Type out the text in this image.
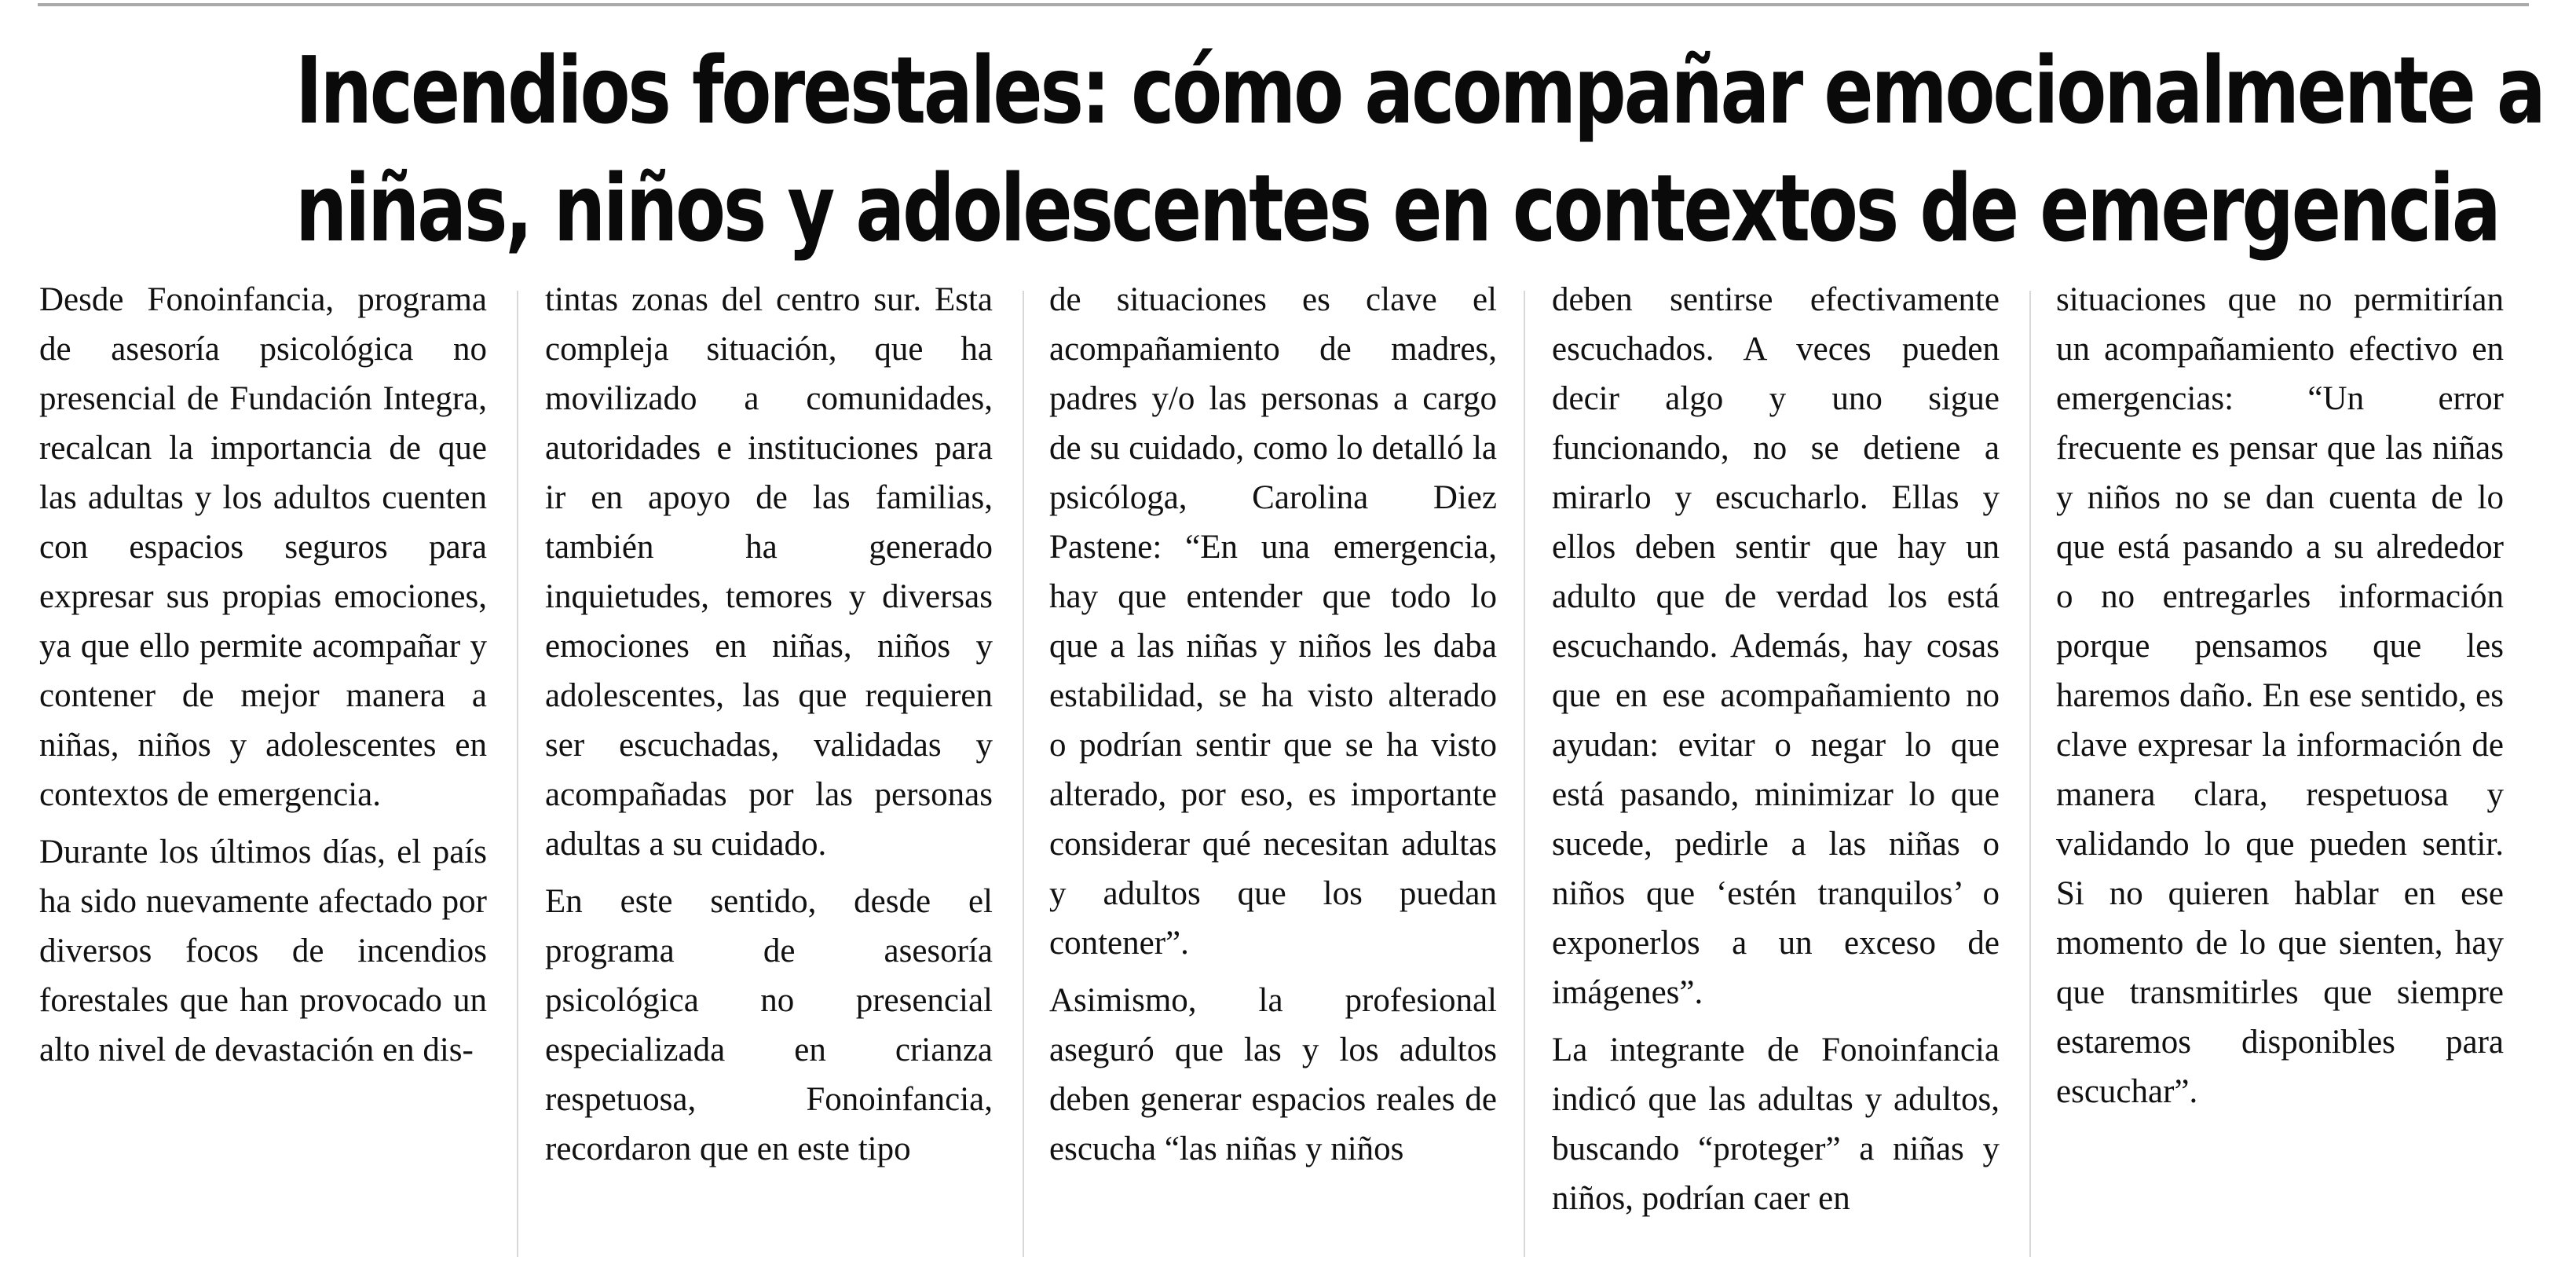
Incendios forestales: cómo acompañar emocionalmente a
niñas, niños y adolescentes en contextos de emergencia

Desde Fonoinfancia, programa de asesoría psicológica no presencial de Fundación Integra, recalcan la importancia de que las adultas y los adultos cuenten con espacios seguros para expresar sus propias emociones, ya que ello permite acompañar y contener de mejor manera a niñas, niños y adolescentes en contextos de emergencia.

Durante los últimos días, el país ha sido nuevamente afectado por diversos focos de incendios forestales que han provocado un alto nivel de devastación en dis-

tintas zonas del centro sur. Esta compleja situación, que ha movilizado a comunidades, autoridades e instituciones para ir en apoyo de las familias, también ha generado inquietudes, temores y diversas emociones en niñas, niños y adolescentes, las que requieren ser escuchadas, validadas y acompañadas por las personas adultas a su cuidado.

En este sentido, desde el programa de asesoría psicológica no presencial especializada en crianza respetuosa, Fonoinfancia, recordaron que en este tipo

de situaciones es clave el acompañamiento de madres, padres y/o las personas a cargo de su cuidado, como lo detalló la psicóloga, Carolina Diez Pastene: “En una emergencia, hay que entender que todo lo que a las niñas y niños les daba estabilidad, se ha visto alterado o podrían sentir que se ha visto alterado, por eso, es importante considerar qué necesitan adultas y adultos que los puedan contener”.

Asimismo, la profesional aseguró que las y los adultos deben generar espacios reales de escucha “las niñas y niños

deben sentirse efectivamente escuchados. A veces pueden decir algo y uno sigue funcionando, no se detiene a mirarlo y escucharlo. Ellas y ellos deben sentir que hay un adulto que de verdad los está escuchando. Además, hay cosas que en ese acompañamiento no ayudan: evitar o negar lo que está pasando, minimizar lo que sucede, pedirle a las niñas o niños que ‘estén tranquilos’ o exponerlos a un exceso de imágenes”.

La integrante de Fonoinfancia indicó que las adultas y adultos, buscando “proteger” a niñas y niños, podrían caer en

situaciones que no permitirían un acompañamiento efectivo en emergencias: “Un error frecuente es pensar que las niñas y niños no se dan cuenta de lo que está pasando a su alrededor o no entregarles información porque pensamos que les haremos daño. En ese sentido, es clave expresar la información de manera clara, respetuosa y validando lo que pueden sentir. Si no quieren hablar en ese momento de lo que sienten, hay que transmitirles que siempre estaremos disponibles para escuchar”.
